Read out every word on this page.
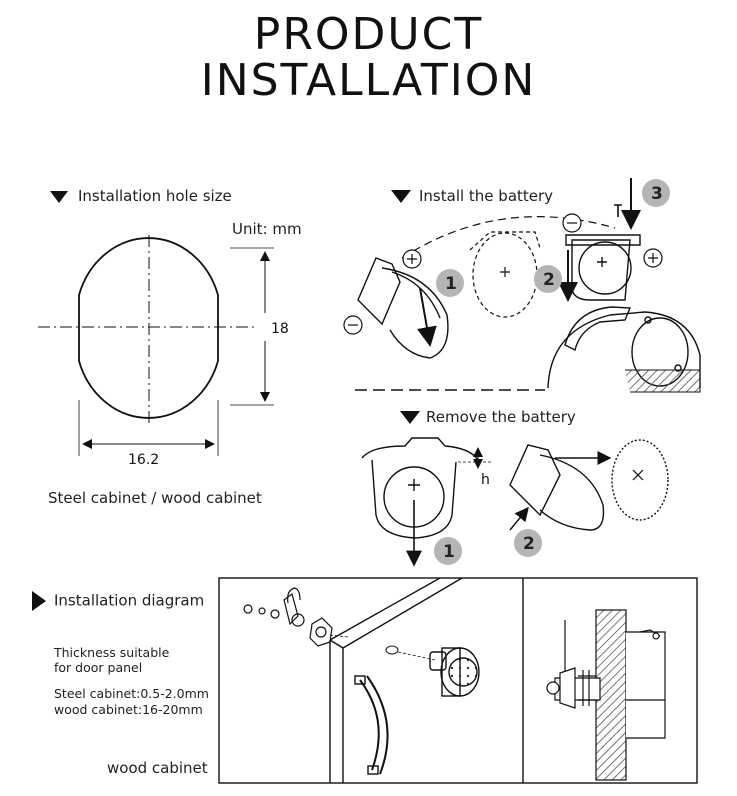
PRODUCT
INSTALLATION
Installation hole size
Unit: mm
Steel cabinet / wood cabinet
Install the battery
Remove the battery
Installation diagram
Thickness suitable
for door panel
Steel cabinet:0.5-2.0mm
wood cabinet:16-20mm
wood cabinet
18
16.2
1	2
3
h
1	2
